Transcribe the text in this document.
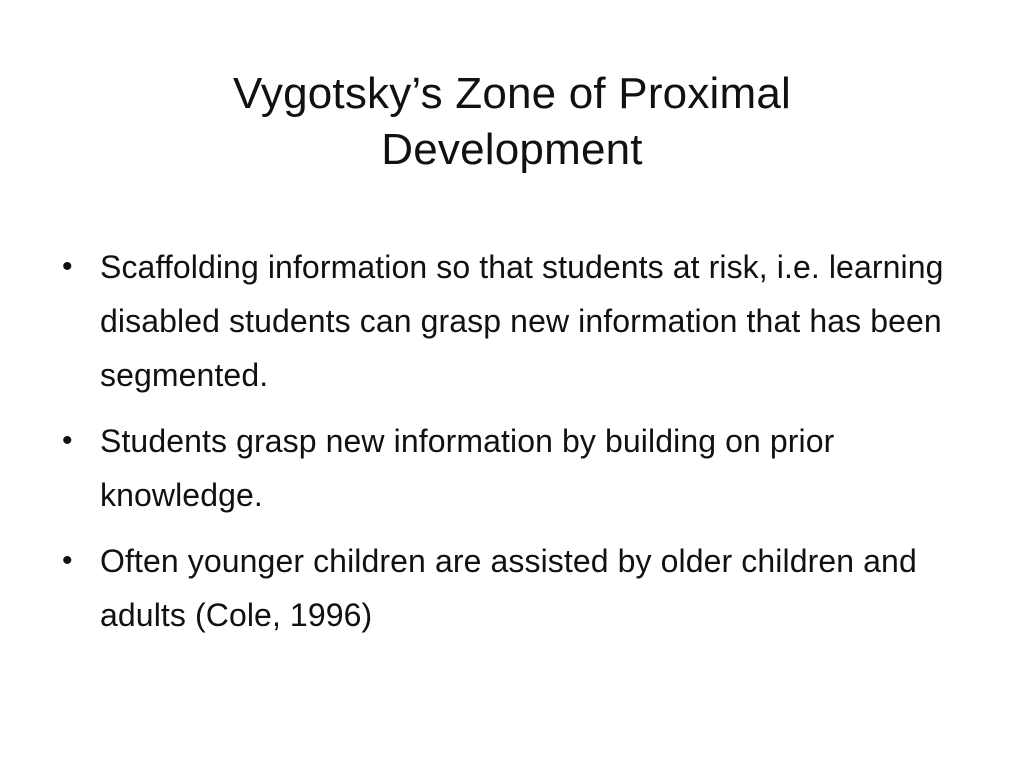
Vygotsky’s Zone of Proximal Development
• Scaffolding information so that students at risk, i.e. learning disabled students can grasp new information that has been segmented.
• Students grasp new information by building on prior knowledge.
• Often younger children are assisted by older children and adults (Cole, 1996)
